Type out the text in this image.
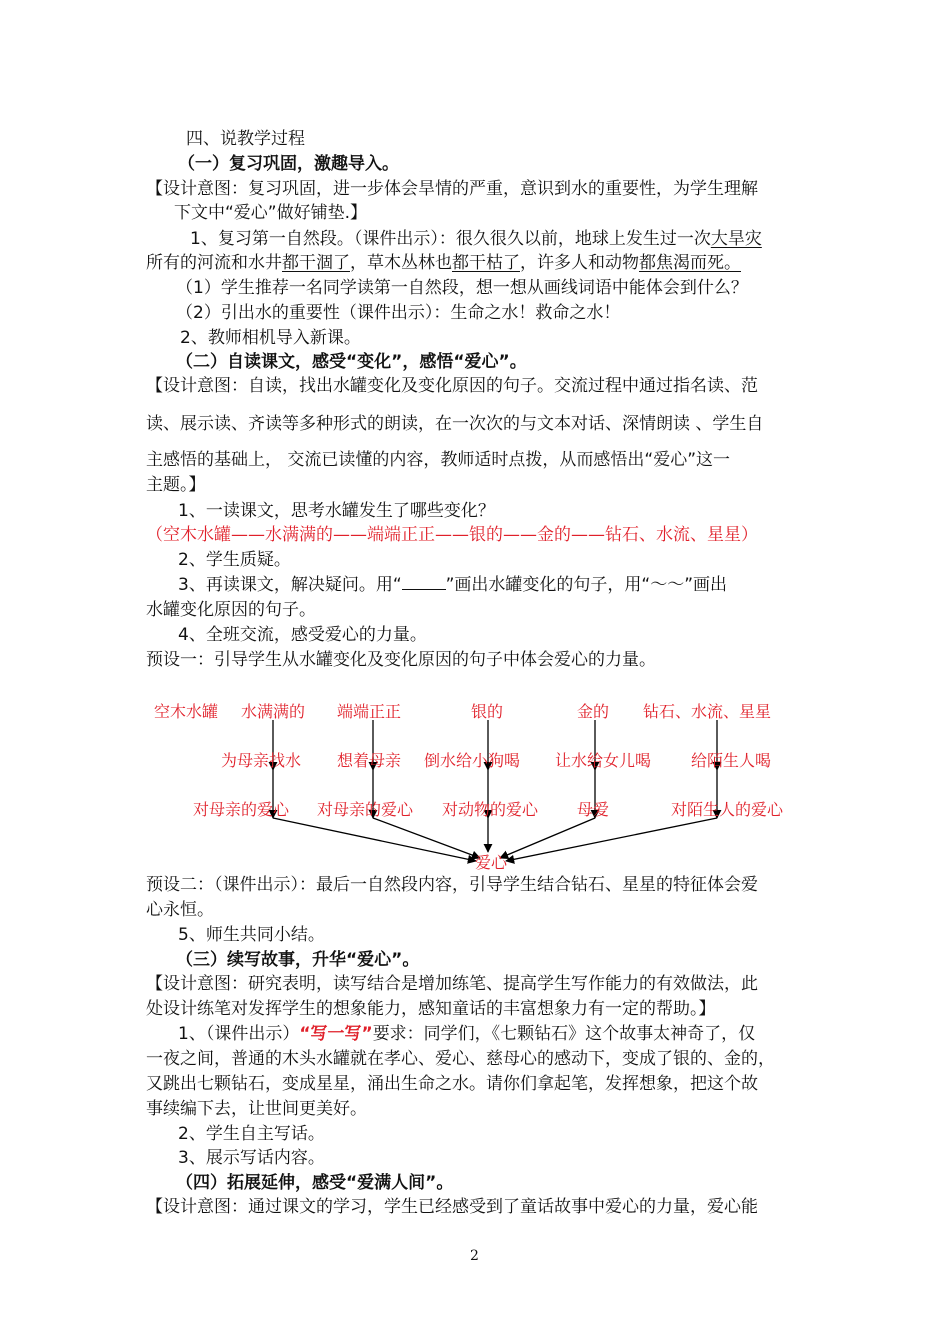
四、说教学过程
（一）复习巩固，激趣导入。
【设计意图：复习巩固，进一步体会旱情的严重，意识到水的重要性，为学生理解
下文中“爱心”做好铺垫.】
1、复习第一自然段。（课件出示）：很久很久以前，地球上发生过一次大旱灾
所有的河流和水井都干涸了，草木丛林也都干枯了，许多人和动物都焦渴而死。
（1）学生推荐一名同学读第一自然段，想一想从画线词语中能体会到什么？
（2）引出水的重要性（课件出示）：生命之水！救命之水！
2、教师相机导入新课。
（二）自读课文，感受“变化”，感悟“爱心”。
【设计意图：自读，找出水罐变化及变化原因的句子。交流过程中通过指名读、范
读、展示读、齐读等多种形式的朗读，在一次次的与文本对话、深情朗读 、学生自
主感悟的基础上， 交流已读懂的内容，教师适时点拨，从而感悟出“爱心”这一
主题。】
1、一读课文，思考水罐发生了哪些变化？
（空木水罐——水满满的——端端正正——银的——金的——钻石、水流、星星）
2、学生质疑。
3、再读课文，解决疑问。用“	”画出水罐变化的句子，用“～～”画出
水罐变化原因的句子。
4、全班交流，感受爱心的力量。
预设一：引导学生从水罐变化及变化原因的句子中体会爱心的力量。
空木水罐 水满满的 端端正正	银的	金的 钻石、水流、星星
为母亲找水 想着母亲 倒水给小狗喝 让水给女儿喝 给陌生人喝
对母亲的爱心 对母亲的爱心 对动物的爱心 母爱	对陌生人的爱心
爱心
预设二：（课件出示）：最后一自然段内容，引导学生结合钻石、星星的特征体会爱
心永恒。
5、师生共同小结。
（三）续写故事，升华“爱心”。
【设计意图：研究表明，读写结合是增加练笔、提高学生写作能力的有效做法，此
处设计练笔对发挥学生的想象能力，感知童话的丰富想象力有一定的帮助。】
1、（课件出示）“写一写”要求：同学们，《七颗钻石》这个故事太神奇了，仅
一夜之间，普通的木头水罐就在孝心、爱心、慈母心的感动下，变成了银的、金的，
又跳出七颗钻石，变成星星，涌出生命之水。请你们拿起笔，发挥想象，把这个故
事续编下去，让世间更美好。
2、学生自主写话。
3、展示写话内容。
（四）拓展延伸，感受“爱满人间”。
【设计意图：通过课文的学习，学生已经感受到了童话故事中爱心的力量，爱心能
2
